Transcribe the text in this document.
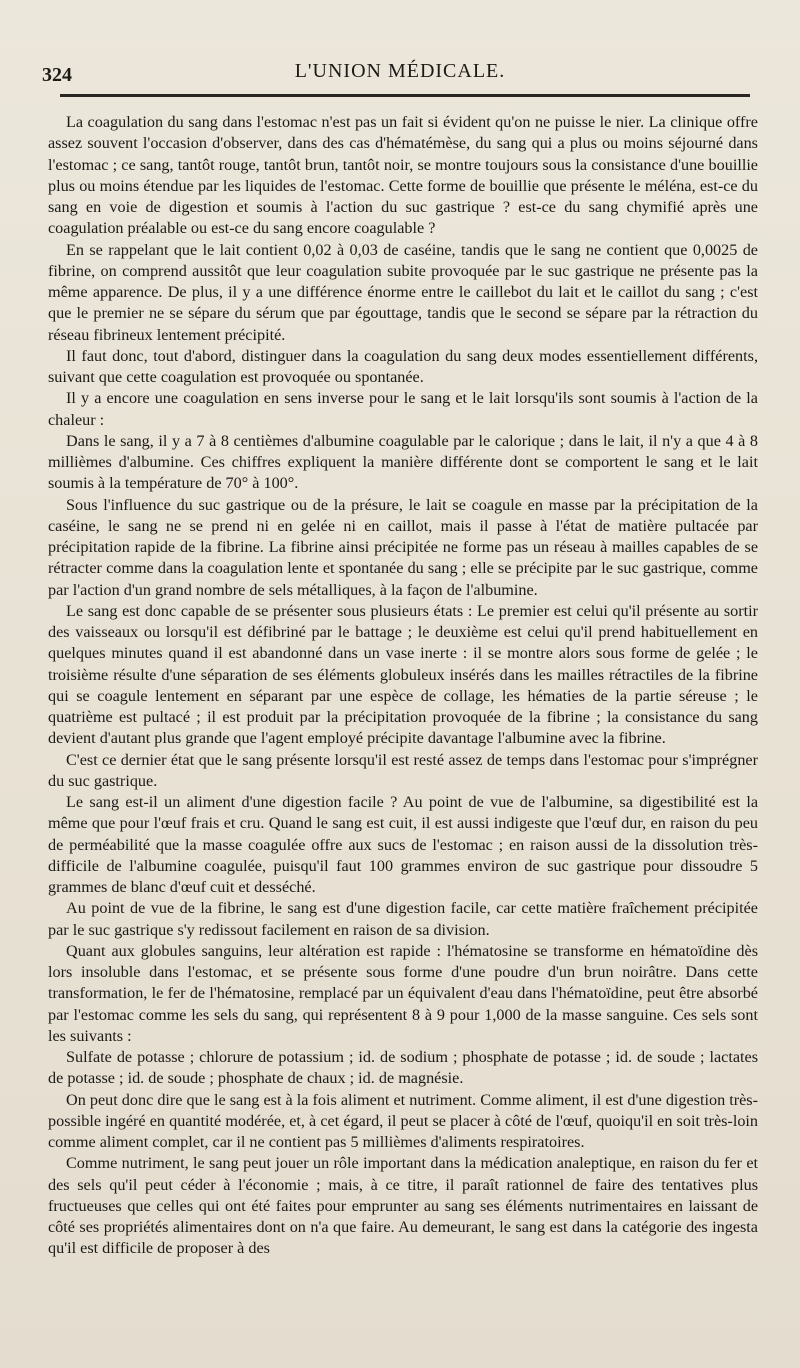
324	L'UNION MÉDICALE.

La coagulation du sang dans l'estomac n'est pas un fait si évident qu'on ne puisse le nier. La clinique offre assez souvent l'occasion d'observer, dans des cas d'hématémèse, du sang qui a plus ou moins séjourné dans l'estomac ; ce sang, tantôt rouge, tantôt brun, tantôt noir, se montre toujours sous la consistance d'une bouillie plus ou moins étendue par les liquides de l'estomac. Cette forme de bouillie que présente le méléna, est-ce du sang en voie de digestion et soumis à l'action du suc gastrique ? est-ce du sang chymifié après une coagulation préalable ou est-ce du sang encore coagulable ?

En se rappelant que le lait contient 0,02 à 0,03 de caséine, tandis que le sang ne contient que 0,0025 de fibrine, on comprend aussitôt que leur coagulation subite provoquée par le suc gastrique ne présente pas la même apparence. De plus, il y a une différence énorme entre le caillebot du lait et le caillot du sang ; c'est que le premier ne se sépare du sérum que par égouttage, tandis que le second se sépare par la rétraction du réseau fibrineux lentement précipité.

Il faut donc, tout d'abord, distinguer dans la coagulation du sang deux modes essentiellement différents, suivant que cette coagulation est provoquée ou spontanée.

Il y a encore une coagulation en sens inverse pour le sang et le lait lorsqu'ils sont soumis à l'action de la chaleur :

Dans le sang, il y a 7 à 8 centièmes d'albumine coagulable par le calorique ; dans le lait, il n'y a que 4 à 8 millièmes d'albumine. Ces chiffres expliquent la manière différente dont se comportent le sang et le lait soumis à la température de 70° à 100°.

Sous l'influence du suc gastrique ou de la présure, le lait se coagule en masse par la précipitation de la caséine, le sang ne se prend ni en gelée ni en caillot, mais il passe à l'état de matière pultacée par précipitation rapide de la fibrine. La fibrine ainsi précipitée ne forme pas un réseau à mailles capables de se rétracter comme dans la coagulation lente et spontanée du sang ; elle se précipite par le suc gastrique, comme par l'action d'un grand nombre de sels métalliques, à la façon de l'albumine.

Le sang est donc capable de se présenter sous plusieurs états : Le premier est celui qu'il présente au sortir des vaisseaux ou lorsqu'il est défibriné par le battage ; le deuxième est celui qu'il prend habituellement en quelques minutes quand il est abandonné dans un vase inerte : il se montre alors sous forme de gelée ; le troisième résulte d'une séparation de ses éléments globuleux insérés dans les mailles rétractiles de la fibrine qui se coagule lentement en séparant par une espèce de collage, les hématies de la partie séreuse ; le quatrième est pultacé ; il est produit par la précipitation provoquée de la fibrine ; la consistance du sang devient d'autant plus grande que l'agent employé précipite davantage l'albumine avec la fibrine.

C'est ce dernier état que le sang présente lorsqu'il est resté assez de temps dans l'estomac pour s'imprégner du suc gastrique.

Le sang est-il un aliment d'une digestion facile ? Au point de vue de l'albumine, sa digestibilité est la même que pour l'œuf frais et cru. Quand le sang est cuit, il est aussi indigeste que l'œuf dur, en raison du peu de perméabilité que la masse coagulée offre aux sucs de l'estomac ; en raison aussi de la dissolution très-difficile de l'albumine coagulée, puisqu'il faut 100 grammes environ de suc gastrique pour dissoudre 5 grammes de blanc d'œuf cuit et desséché.

Au point de vue de la fibrine, le sang est d'une digestion facile, car cette matière fraîchement précipitée par le suc gastrique s'y redissout facilement en raison de sa division.

Quant aux globules sanguins, leur altération est rapide : l'hématosine se transforme en hématoïdine dès lors insoluble dans l'estomac, et se présente sous forme d'une poudre d'un brun noirâtre. Dans cette transformation, le fer de l'hématosine, remplacé par un équivalent d'eau dans l'hématoïdine, peut être absorbé par l'estomac comme les sels du sang, qui représentent 8 à 9 pour 1,000 de la masse sanguine. Ces sels sont les suivants :

Sulfate de potasse ; chlorure de potassium ; id. de sodium ; phosphate de potasse ; id. de soude ; lactates de potasse ; id. de soude ; phosphate de chaux ; id. de magnésie.

On peut donc dire que le sang est à la fois aliment et nutriment. Comme aliment, il est d'une digestion très-possible ingéré en quantité modérée, et, à cet égard, il peut se placer à côté de l'œuf, quoiqu'il en soit très-loin comme aliment complet, car il ne contient pas 5 millièmes d'aliments respiratoires.

Comme nutriment, le sang peut jouer un rôle important dans la médication analeptique, en raison du fer et des sels qu'il peut céder à l'économie ; mais, à ce titre, il paraît rationnel de faire des tentatives plus fructueuses que celles qui ont été faites pour emprunter au sang ses éléments nutrimentaires en laissant de côté ses propriétés alimentaires dont on n'a que faire. Au demeurant, le sang est dans la catégorie des ingesta qu'il est difficile de proposer à des
